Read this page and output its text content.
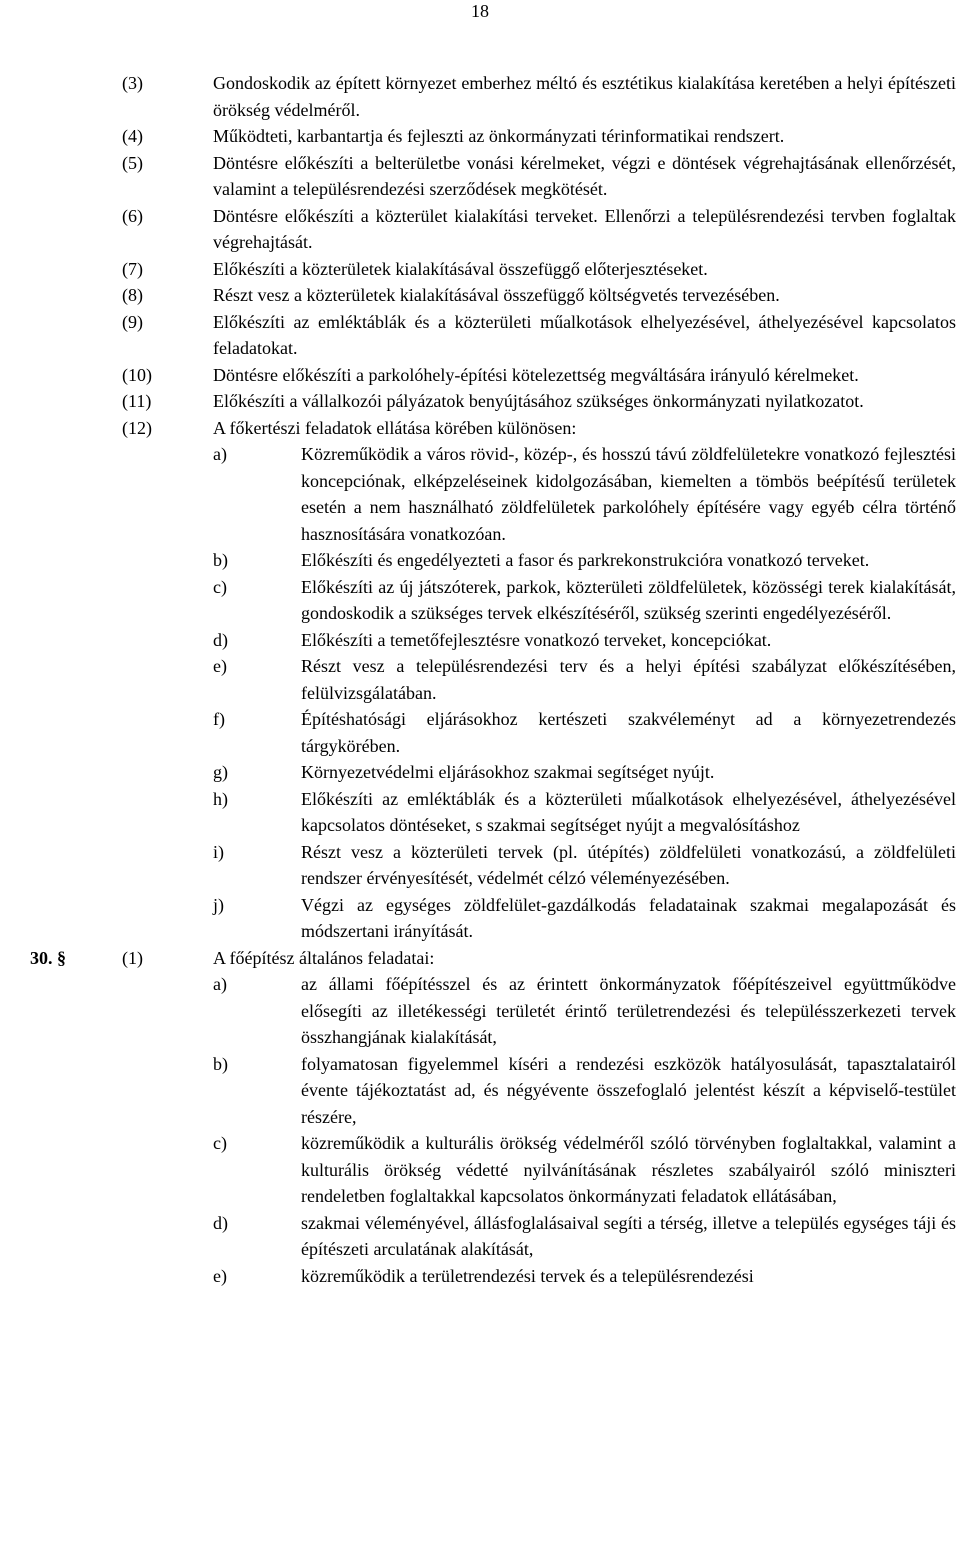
18
(3)	Gondoskodik az épített környezet emberhez méltó és esztétikus kialakítása keretében a helyi építészeti örökség védelméről.
(4)	Működteti, karbantartja és fejleszti az önkormányzati térinformatikai rendszert.
(5)	Döntésre előkészíti a belterületbe vonási kérelmeket, végzi e döntések végrehajtásának ellenőrzését, valamint a településrendezési szerződések megkötését.
(6)	Döntésre előkészíti a közterület kialakítási terveket. Ellenőrzi a településrendezési tervben foglaltak végrehajtását.
(7)	Előkészíti a közterületek kialakításával összefüggő előterjesztéseket.
(8)	Részt vesz a közterületek kialakításával összefüggő költségvetés tervezésében.
(9)	Előkészíti az emléktáblák és a közterületi műalkotások elhelyezésével, áthelyezésével kapcsolatos feladatokat.
(10)	Döntésre előkészíti a parkolóhely-építési kötelezettség megváltására irányuló kérelmeket.
(11)	Előkészíti a vállalkozói pályázatok benyújtásához szükséges önkormányzati nyilatkozatot.
(12)	A főkertészi feladatok ellátása körében különösen:
a)	Közreműködik a város rövid-, közép-, és hosszú távú zöldfelületekre vonatkozó fejlesztési koncepciónak, elképzeléseinek kidolgozásában, kiemelten a tömbös beépítésű területek esetén a nem használható zöldfelületek parkolóhely építésére vagy egyéb célra történő hasznosítására vonatkozóan.
b)	Előkészíti és engedélyezteti a fasor és parkrekonstrukcióra vonatkozó terveket.
c)	Előkészíti az új játszóterek, parkok, közterületi zöldfelületek, közösségi terek kialakítását, gondoskodik a szükséges tervek elkészítéséről, szükség szerinti engedélyezéséről.
d)	Előkészíti a temetőfejlesztésre vonatkozó terveket, koncepciókat.
e)	Részt vesz a településrendezési terv és a helyi építési szabályzat előkészítésében, felülvizsgálatában.
f)	Építéshatósági eljárásokhoz kertészeti szakvéleményt ad a környezetrendezés tárgykörében.
g)	Környezetvédelmi eljárásokhoz szakmai segítséget nyújt.
h)	Előkészíti az emléktáblák és a közterületi műalkotások elhelyezésével, áthelyezésével kapcsolatos döntéseket, s szakmai segítséget nyújt a megvalósításhoz
i)	Részt vesz a közterületi tervek (pl. útépítés) zöldfelületi vonatkozású, a zöldfelületi rendszer érvényesítését, védelmét célzó véleményezésében.
j)	Végzi az egységes zöldfelület-gazdálkodás feladatainak szakmai megalapozását és módszertani irányítását.
30. §	(1)	A főépítész általános feladatai:
a)	az állami főépítésszel és az érintett önkormányzatok főépítészeivel együttműködve elősegíti az illetékességi területét érintő területrendezési és településszerkezeti tervek összhangjának kialakítását,
b)	folyamatosan figyelemmel kíséri a rendezési eszközök hatályosulását, tapasztalatairól évente tájékoztatást ad, és négyévente összefoglaló jelentést készít a képviselő-testület részére,
c)	közreműködik a kulturális örökség védelméről szóló törvényben foglaltakkal, valamint a kulturális örökség védetté nyilvánításának részletes szabályairól szóló miniszteri rendeletben foglaltakkal kapcsolatos önkormányzati feladatok ellátásában,
d)	szakmai véleményével, állásfoglalásaival segíti a térség, illetve a település egységes táji és építészeti arculatának alakítását,
e)	közreműködik a területrendezési tervek és a településrendezési
